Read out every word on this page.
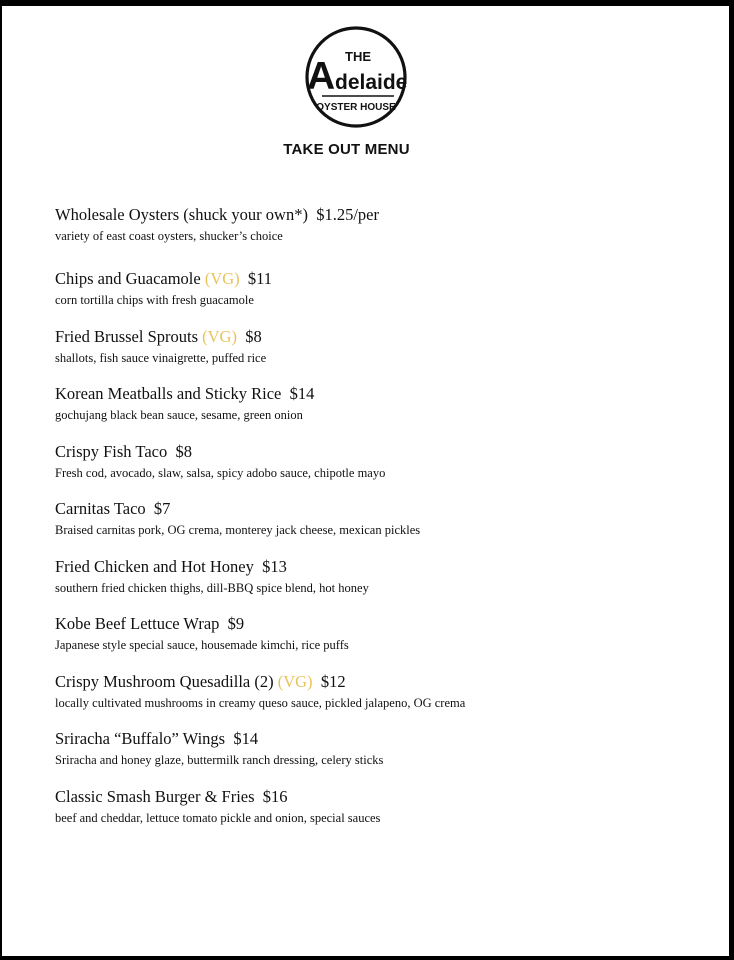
THE
A delaide
OYSTER HOUSE
TAKE OUT MENU
Wholesale Oysters (shuck your own*) $1.25/per
variety of east coast oysters, shucker’s choice
Chips and Guacamole (VG) $11
corn tortilla chips with fresh guacamole
Fried Brussel Sprouts (VG) $8
shallots, fish sauce vinaigrette, puffed rice
Korean Meatballs and Sticky Rice $14
gochujang black bean sauce, sesame, green onion
Crispy Fish Taco $8
Fresh cod, avocado, slaw, salsa, spicy adobo sauce, chipotle mayo
Carnitas Taco $7
Braised carnitas pork, OG crema, monterey jack cheese, mexican pickles
Fried Chicken and Hot Honey $13
southern fried chicken thighs, dill-BBQ spice blend, hot honey
Kobe Beef Lettuce Wrap $9
Japanese style special sauce, housemade kimchi, rice puffs
Crispy Mushroom Quesadilla (2) (VG) $12
locally cultivated mushrooms in creamy queso sauce, pickled jalapeno, OG crema
Sriracha “Buffalo” Wings $14
Sriracha and honey glaze, buttermilk ranch dressing, celery sticks
Classic Smash Burger & Fries $16
beef and cheddar, lettuce tomato pickle and onion, special sauces
